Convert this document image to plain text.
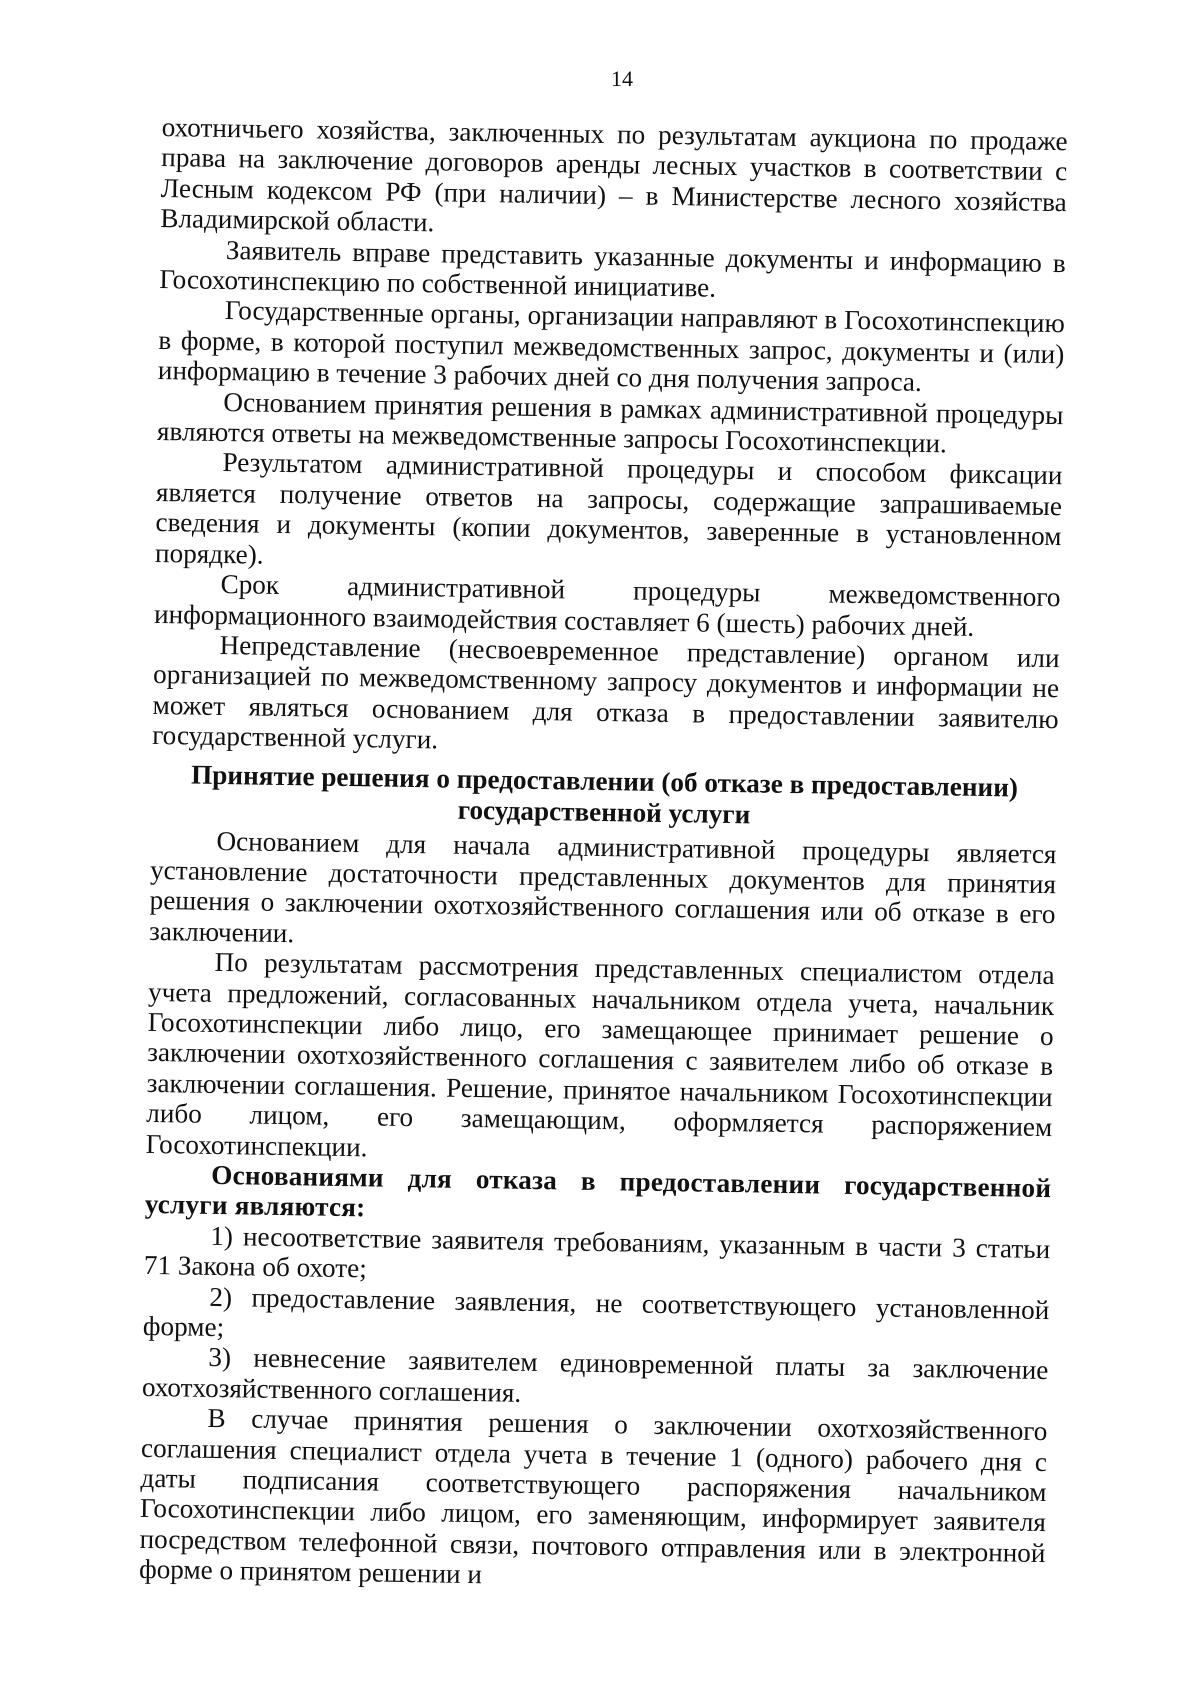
14

охотничьего хозяйства, заключенных по результатам аукциона по продаже права на заключение договоров аренды лесных участков в соответствии с Лесным кодексом РФ (при наличии) – в Министерстве лесного хозяйства Владимирской области.

Заявитель вправе представить указанные документы и информацию в Госохотинспекцию по собственной инициативе.

Государственные органы, организации направляют в Госохотинспекцию в форме, в которой поступил межведомственных запрос, документы и (или) информацию в течение 3 рабочих дней со дня получения запроса.

Основанием принятия решения в рамках административной процедуры являются ответы на межведомственные запросы Госохотинспекции.

Результатом административной процедуры и способом фиксации является получение ответов на запросы, содержащие запрашиваемые сведения и документы (копии документов, заверенные в установленном порядке).

Срок административной процедуры межведомственного информационного взаимодействия составляет 6 (шесть) рабочих дней.

Непредставление (несвоевременное представление) органом или организацией по межведомственному запросу документов и информации не может являться основанием для отказа в предоставлении заявителю государственной услуги.

Принятие решения о предоставлении (об отказе в предоставлении)
государственной услуги

Основанием для начала административной процедуры является установление достаточности представленных документов для принятия решения о заключении охотхозяйственного соглашения или об отказе в его заключении.

По результатам рассмотрения представленных специалистом отдела учета предложений, согласованных начальником отдела учета, начальник Госохотинспекции либо лицо, его замещающее принимает решение о заключении охотхозяйственного соглашения с заявителем либо об отказе в заключении соглашения. Решение, принятое начальником Госохотинспекции либо лицом, его замещающим, оформляется распоряжением Госохотинспекции.

Основаниями для отказа в предоставлении государственной услуги являются:

1) несоответствие заявителя требованиям, указанным в части 3 статьи 71 Закона об охоте;

2) предоставление заявления, не соответствующего установленной форме;

3) невнесение заявителем единовременной платы за заключение охотхозяйственного соглашения.

В случае принятия решения о заключении охотхозяйственного соглашения специалист отдела учета в течение 1 (одного) рабочего дня с даты подписания соответствующего распоряжения начальником Госохотинспекции либо лицом, его заменяющим, информирует заявителя посредством телефонной связи, почтового отправления или в электронной форме о принятом решении и
